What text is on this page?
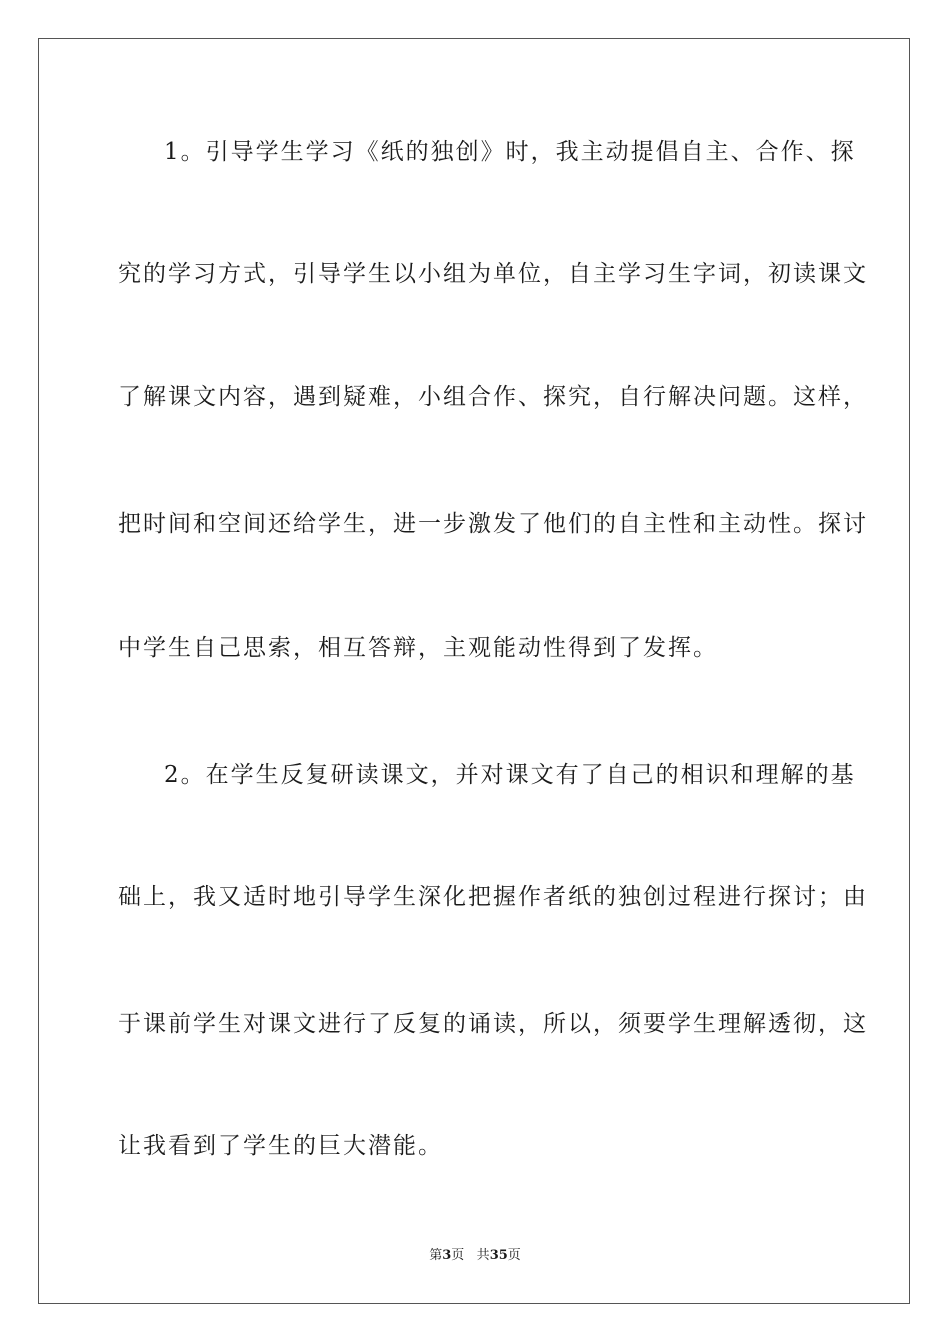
1。引导学生学习《纸的独创》时，我主动提倡自主、合作、探
究的学习方式，引导学生以小组为单位，自主学习生字词，初读课文
了解课文内容，遇到疑难，小组合作、探究，自行解决问题。这样，
把时间和空间还给学生，进一步激发了他们的自主性和主动性。探讨
中学生自己思索，相互答辩，主观能动性得到了发挥。
2。在学生反复研读课文，并对课文有了自己的相识和理解的基
础上，我又适时地引导学生深化把握作者纸的独创过程进行探讨；由
于课前学生对课文进行了反复的诵读，所以，须要学生理解透彻，这
让我看到了学生的巨大潜能。
第3页 共35页
